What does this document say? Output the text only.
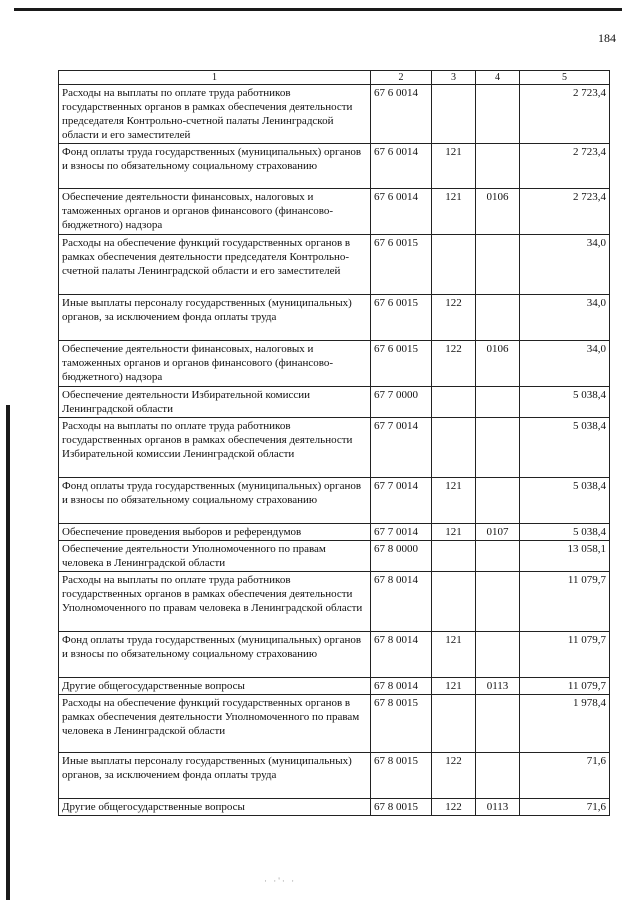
184
1	2	3	4	5
Расходы на выплаты по оплате труда работников государственных органов в рамках обеспечения деятельности председателя Контрольно-счетной палаты Ленинградской области и его заместителей	67 6 0014			2 723,4
Фонд оплаты труда государственных (муниципальных) органов и взносы по обязательному социальному страхованию	67 6 0014	121		2 723,4
Обеспечение деятельности финансовых, налоговых и таможенных органов и органов финансового (финансово-бюджетного) надзора	67 6 0014	121	0106	2 723,4
Расходы на обеспечение функций государственных органов в рамках обеспечения деятельности председателя Контрольно-счетной палаты Ленинградской области и его заместителей	67 6 0015			34,0
Иные выплаты персоналу государственных (муниципальных) органов, за исключением фонда оплаты труда	67 6 0015	122		34,0
Обеспечение деятельности финансовых, налоговых и таможенных органов и органов финансового (финансово-бюджетного) надзора	67 6 0015	122	0106	34,0
Обеспечение деятельности Избирательной комиссии Ленинградской области	67 7 0000			5 038,4
Расходы на выплаты по оплате труда работников государственных органов в рамках обеспечения деятельности Избирательной комиссии Ленинградской области	67 7 0014			5 038,4
Фонд оплаты труда государственных (муниципальных) органов и взносы по обязательному социальному страхованию	67 7 0014	121		5 038,4
Обеспечение проведения выборов и референдумов	67 7 0014	121	0107	5 038,4
Обеспечение деятельности Уполномоченного по правам человека в Ленинградской области	67 8 0000			13 058,1
Расходы на выплаты по оплате труда работников государственных органов в рамках обеспечения деятельности Уполномоченного по правам человека в Ленинградской области	67 8 0014			11 079,7
Фонд оплаты труда государственных (муниципальных) органов и взносы по обязательному социальному страхованию	67 8 0014	121		11 079,7
Другие общегосударственные вопросы	67 8 0014	121	0113	11 079,7
Расходы на обеспечение функций государственных органов в рамках обеспечения деятельности Уполномоченного по правам человека в Ленинградской области	67 8 0015			1 978,4
Иные выплаты персоналу государственных (муниципальных) органов, за исключением фонда оплаты труда	67 8 0015	122		71,6
Другие общегосударственные вопросы	67 8 0015	122	0113	71,6
· ·'· ·
